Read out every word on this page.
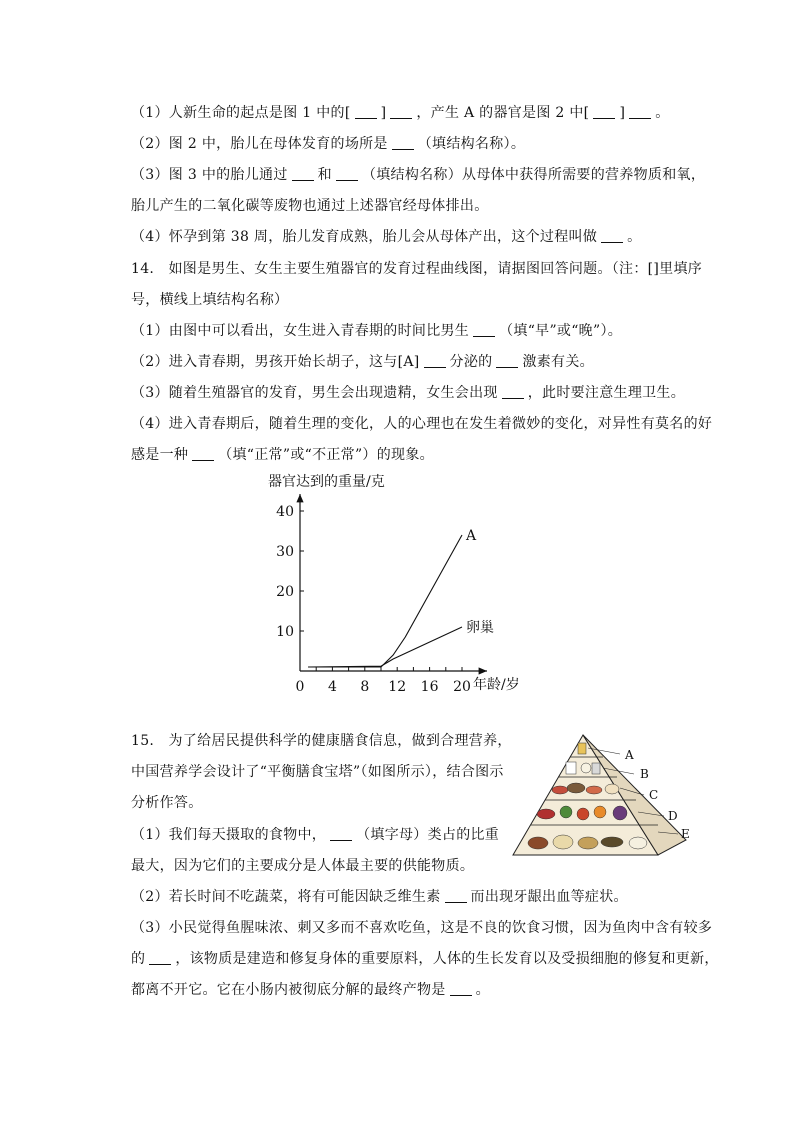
（1）人新生命的起点是图 1 中的[ ] ，产生 A 的器官是图 2 中[ ] 。
（2）图 2 中，胎儿在母体发育的场所是 （填结构名称）。
（3）图 3 中的胎儿通过 和 （填结构名称）从母体中获得所需要的营养物质和氧，
胎儿产生的二氧化碳等废物也通过上述器官经母体排出。
（4）怀孕到第 38 周，胎儿发育成熟，胎儿会从母体产出，这个过程叫做 。
14.　如图是男生、女生主要生殖器官的发育过程曲线图，请据图回答问题。（注：[]里填序
号，横线上填结构名称）
（1）由图中可以看出，女生进入青春期的时间比男生 （填“早”或“晚”）。
（2）进入青春期，男孩开始长胡子，这与[A] 分泌的 激素有关。
（3）随着生殖器官的发育，男生会出现遗精，女生会出现 ，此时要注意生理卫生。
（4）进入青春期后，随着生理的变化，人的心理也在发生着微妙的变化，对异性有莫名的好
感是一种 （填“正常”或“不正常”）的现象。
器官达到的重量/克
0 4 8 12 16 20
10
20
30
40
A
卵巢
年龄/岁
15.　为了给居民提供科学的健康膳食信息，做到合理营养，
中国营养学会设计了“平衡膳食宝塔”（如图所示），结合图示
分析作答。
（1）我们每天摄取的食物中， （填字母）类占的比重
最大，因为它们的主要成分是人体最主要的供能物质。
（2）若长时间不吃蔬菜，将有可能因缺乏维生素 而出现牙龈出血等症状。
（3）小民觉得鱼腥味浓、刺又多而不喜欢吃鱼，这是不良的饮食习惯，因为鱼肉中含有较多
的 ，该物质是建造和修复身体的重要原料，人体的生长发育以及受损细胞的修复和更新，
都离不开它。它在小肠内被彻底分解的最终产物是 。
A
B
C
D
E
